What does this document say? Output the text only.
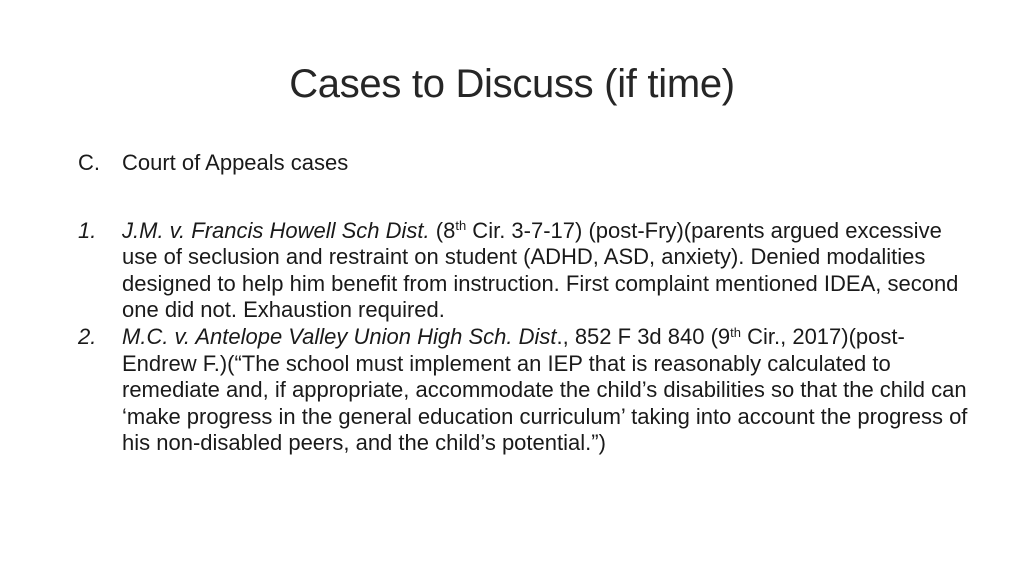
Cases to Discuss (if time)
C. Court of Appeals cases
1. J.M. v. Francis Howell Sch Dist. (8th Cir. 3-7-17) (post-Fry)(parents argued excessive use of seclusion and restraint on student (ADHD, ASD, anxiety). Denied modalities designed to help him benefit from instruction. First complaint mentioned IDEA, second one did not. Exhaustion required.
2. M.C. v. Antelope Valley Union High Sch. Dist., 852 F 3d 840 (9th Cir., 2017)(post-Endrew F.)(“The school must implement an IEP that is reasonably calculated to remediate and, if appropriate, accommodate the child’s disabilities so that the child can ‘make progress in the general education curriculum’ taking into account the progress of his non-disabled peers, and the child’s potential.”)
